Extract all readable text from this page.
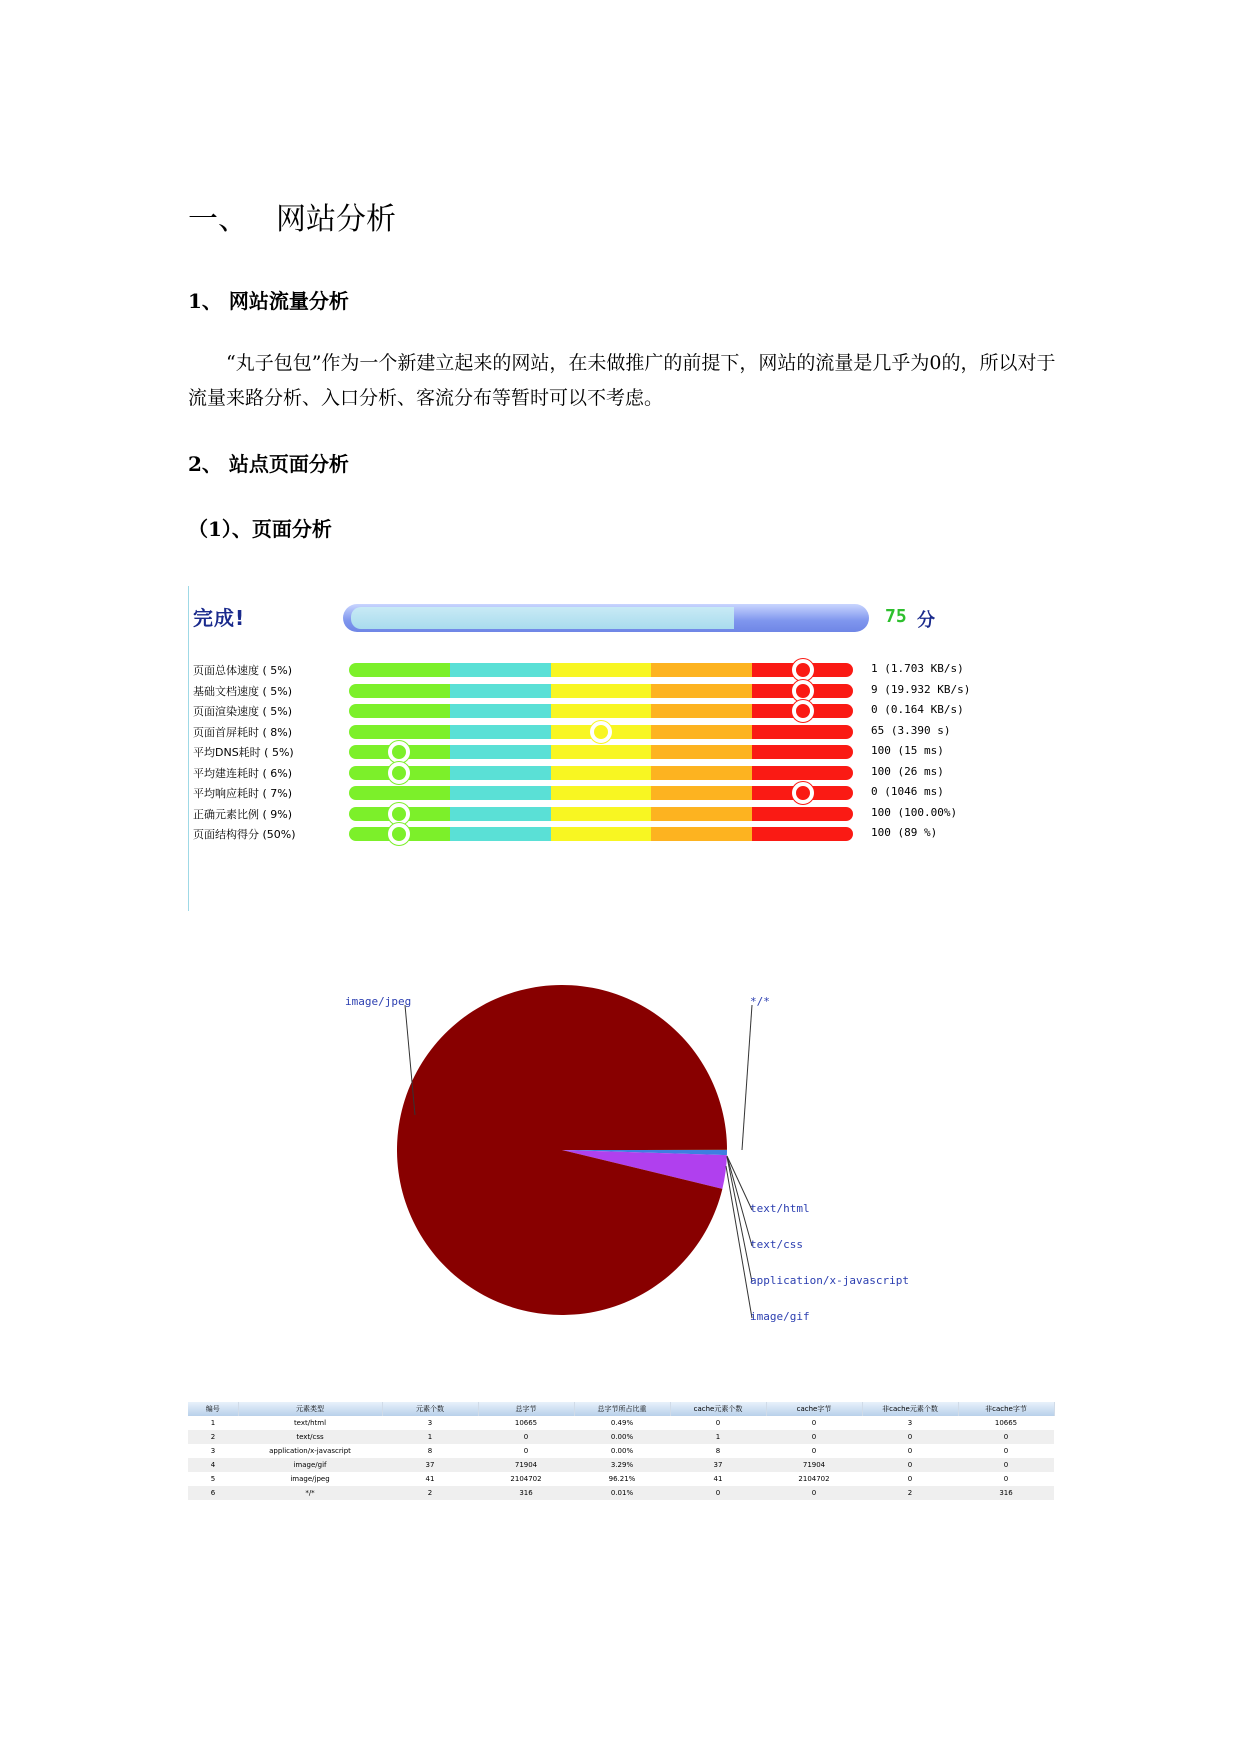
一、 网站分析
1、 网站流量分析
“丸子包包”作为一个新建立起来的网站，在未做推广的前提下，网站的流量是几乎为0的，所以对于流量来路分析、入口分析、客流分布等暂时可以不考虑。
2、 站点页面分析
（1）、页面分析
完成!	75 分
页面总体速度 ( 5%)	1 (1.703 KB/s)
基础文档速度 ( 5%)	9 (19.932 KB/s)
页面渲染速度 ( 5%)	0 (0.164 KB/s)
页面首屏耗时 ( 8%)	65 (3.390 s)
平均DNS耗时 ( 5%)	100 (15 ms)
平均建连耗时 ( 6%)	100 (26 ms)
平均响应耗时 ( 7%)	0 (1046 ms)
正确元素比例 ( 9%)	100 (100.00%)
页面结构得分 (50%)	100 (89 %)
image/jpeg	*/*
text/html
text/css
application/x-javascript
image/gif
编号	元素类型	元素个数	总字节	总字节所占比重	cache元素个数	cache字节	非cache元素个数	非cache字节
1	text/html	3	10665	0.49%	0	0	3	10665
2	text/css	1	0	0.00%	1	0	0	0
3	application/x-javascript	8	0	0.00%	8	0	0	0
4	image/gif	37	71904	3.29%	37	71904	0	0
5	image/jpeg	41	2104702	96.21%	41	2104702	0	0
6	*/*	2	316	0.01%	0	0	2	316
